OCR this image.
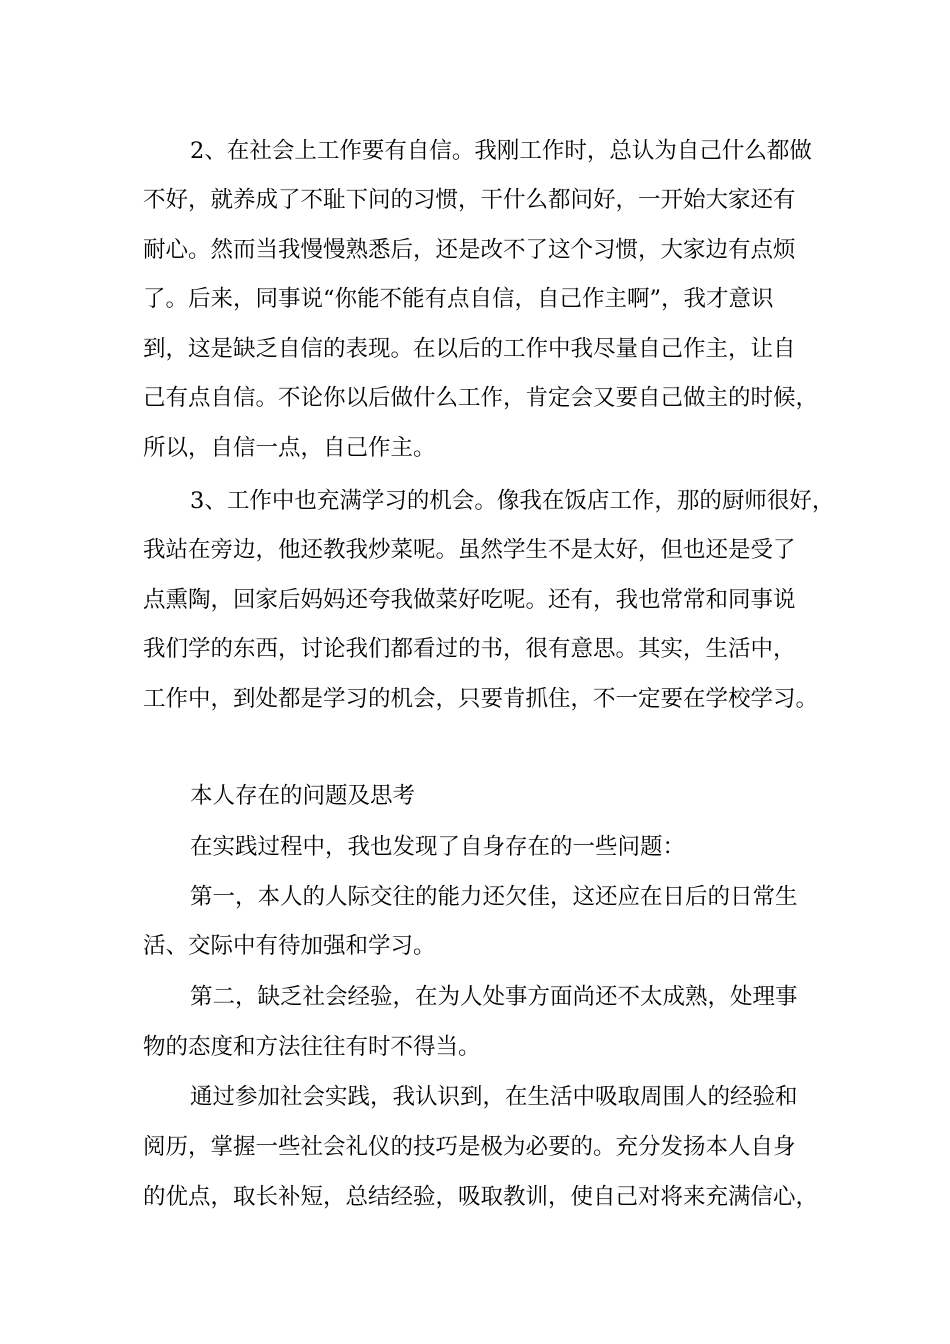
2、在社会上工作要有自信。我刚工作时，总认为自己什么都做
不好，就养成了不耻下问的习惯，干什么都问好，一开始大家还有
耐心。然而当我慢慢熟悉后，还是改不了这个习惯，大家边有点烦
了。后来，同事说“你能不能有点自信，自己作主啊”，我才意识
到，这是缺乏自信的表现。在以后的工作中我尽量自己作主，让自
己有点自信。不论你以后做什么工作，肯定会又要自己做主的时候，
所以，自信一点，自己作主。
3、工作中也充满学习的机会。像我在饭店工作，那的厨师很好，
我站在旁边，他还教我炒菜呢。虽然学生不是太好，但也还是受了
点熏陶，回家后妈妈还夸我做菜好吃呢。还有，我也常常和同事说
我们学的东西，讨论我们都看过的书，很有意思。其实，生活中，
工作中，到处都是学习的机会，只要肯抓住，不一定要在学校学习。
本人存在的问题及思考
在实践过程中，我也发现了自身存在的一些问题：
第一，本人的人际交往的能力还欠佳，这还应在日后的日常生
活、交际中有待加强和学习。
第二，缺乏社会经验，在为人处事方面尚还不太成熟，处理事
物的态度和方法往往有时不得当。
通过参加社会实践，我认识到，在生活中吸取周围人的经验和
阅历，掌握一些社会礼仪的技巧是极为必要的。充分发扬本人自身
的优点，取长补短，总结经验，吸取教训，使自己对将来充满信心，
